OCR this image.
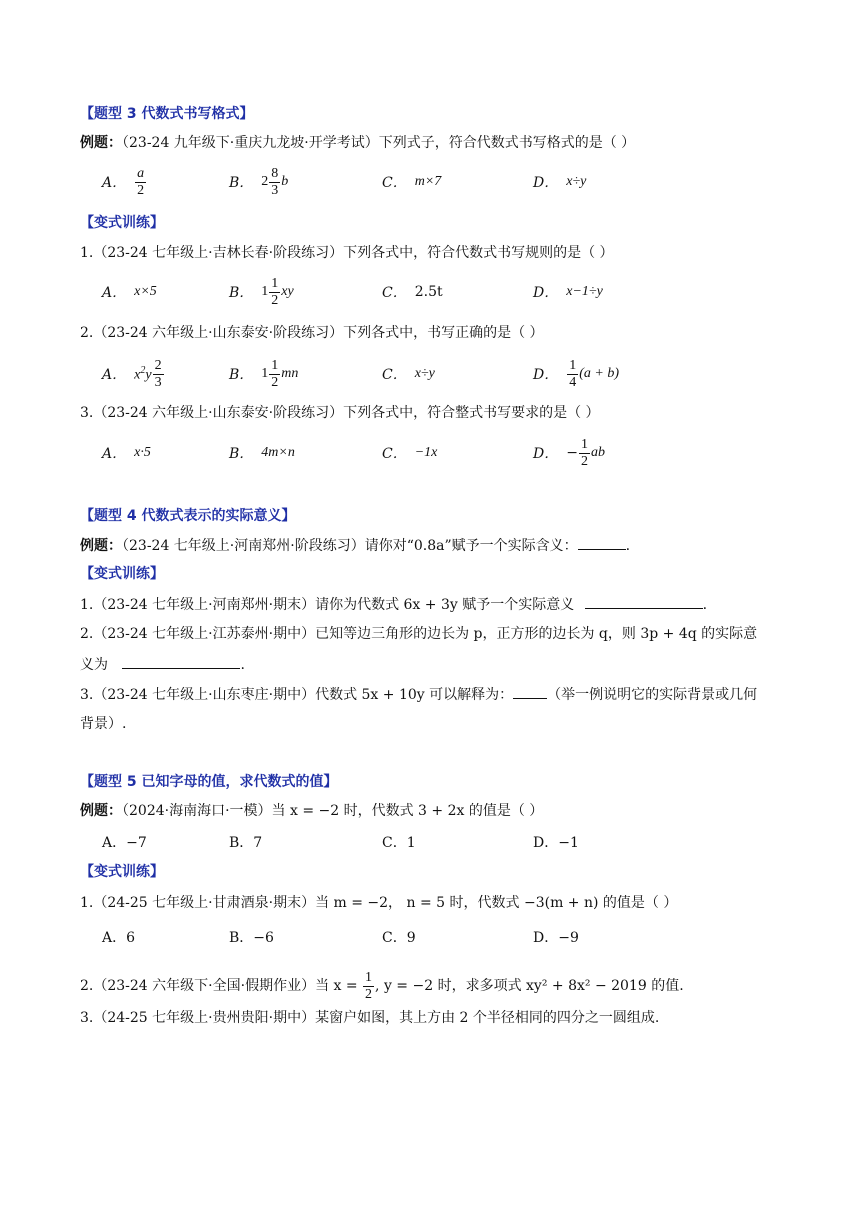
【题型 3 代数式书写格式】
例题：（23-24 九年级下·重庆九龙坡·开学考试）下列式子，符合代数式书写格式的是（ ）
A． $\frac{a}{2}$	B． $2 \frac{8}{3}$ b	C． m×7	D． x÷y
【变式训练】
1.（23-24 七年级上·吉林长春·阶段练习）下列各式中，符合代数式书写规则的是（ ）
A． x×5	B． $1 \frac{1}{2}$ xy	C． 2.5t	D． x−1÷y
2.（23-24 六年级上·山东泰安·阶段练习）下列各式中，书写正确的是（ ）
A． $x^2y \frac{2}{3}$	B． $1 \frac{1}{2}$ mn	C． x÷y	D． $\frac{1}{4} (a + b)$
3.（23-24 六年级上·山东泰安·阶段练习）下列各式中，符合整式书写要求的是（ ）
A． x·5	B． 4m×n	C． −1x	D． − $\frac{1}{2}$ ab
【题型 4 代数式表示的实际意义】
例题：（23-24 七年级上·河南郑州·阶段练习）请你对“0.8a”赋予一个实际含义：	.
【变式训练】
1.（23-24 七年级上·河南郑州·期末）请你为代数式 6x + 3y 赋予一个实际意义	.
2.（23-24 七年级上·江苏泰州·期中）已知等边三角形的边长为 p，正方形的边长为 q，则 3p + 4q 的实际意
义为	.
3.（23-24 七年级上·山东枣庄·期中）代数式 5x + 10y 可以解释为： （举一例说明它的实际背景或几何
背景）.
【题型 5 已知字母的值，求代数式的值】
例题：（2024·海南海口·一模）当 x = −2 时，代数式 3 + 2x 的值是（ ）
A．−7	B．7	C．1	D．−1
【变式训练】
1.（24-25 七年级上·甘肃酒泉·期末）当 m = −2， n = 5 时，代数式 −3(m + n) 的值是（ ）
A．6	B．−6	C．9	D．−9
2.（23-24 六年级下·全国·假期作业）当 $x = \frac{1}{2}$ , y = −2 时，求多项式 xy² + 8x² − 2019 的值.
3.（24-25 七年级上·贵州贵阳·期中）某窗户如图，其上方由 2 个半径相同的四分之一圆组成.
